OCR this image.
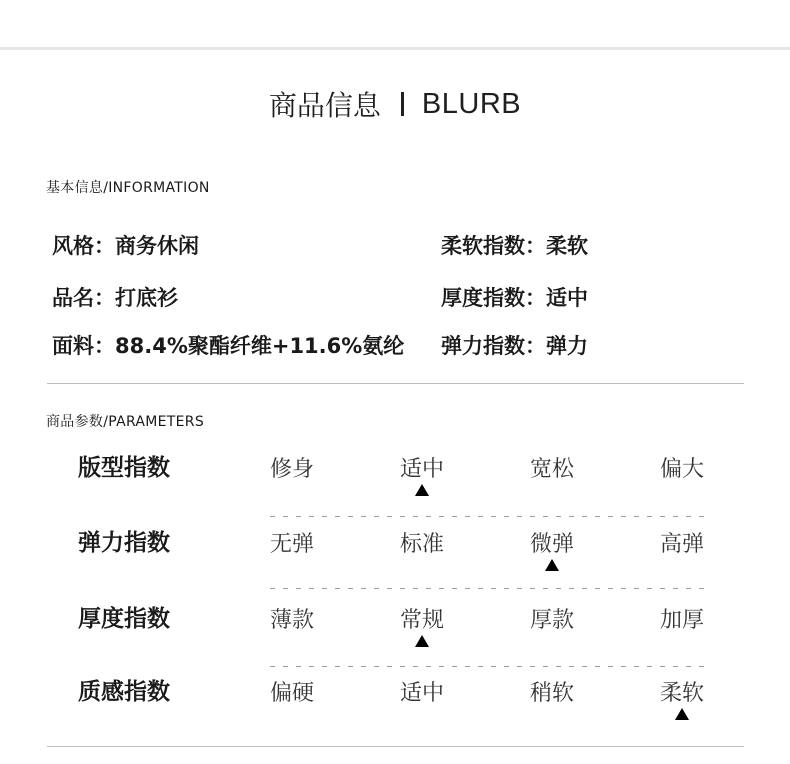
商品信息 BLURB
基本信息/INFORMATION
风格：商务休闲	柔软指数：柔软
品名：打底衫	厚度指数：适中
面料：88.4%聚酯纤维+11.6%氨纶 弹力指数：弹力
商品参数/PARAMETERS
版型指数	修身	适中	宽松	偏大
弹力指数	无弹	标准	微弹	高弹
厚度指数	薄款	常规	厚款	加厚
质感指数	偏硬	适中	稍软	柔软
